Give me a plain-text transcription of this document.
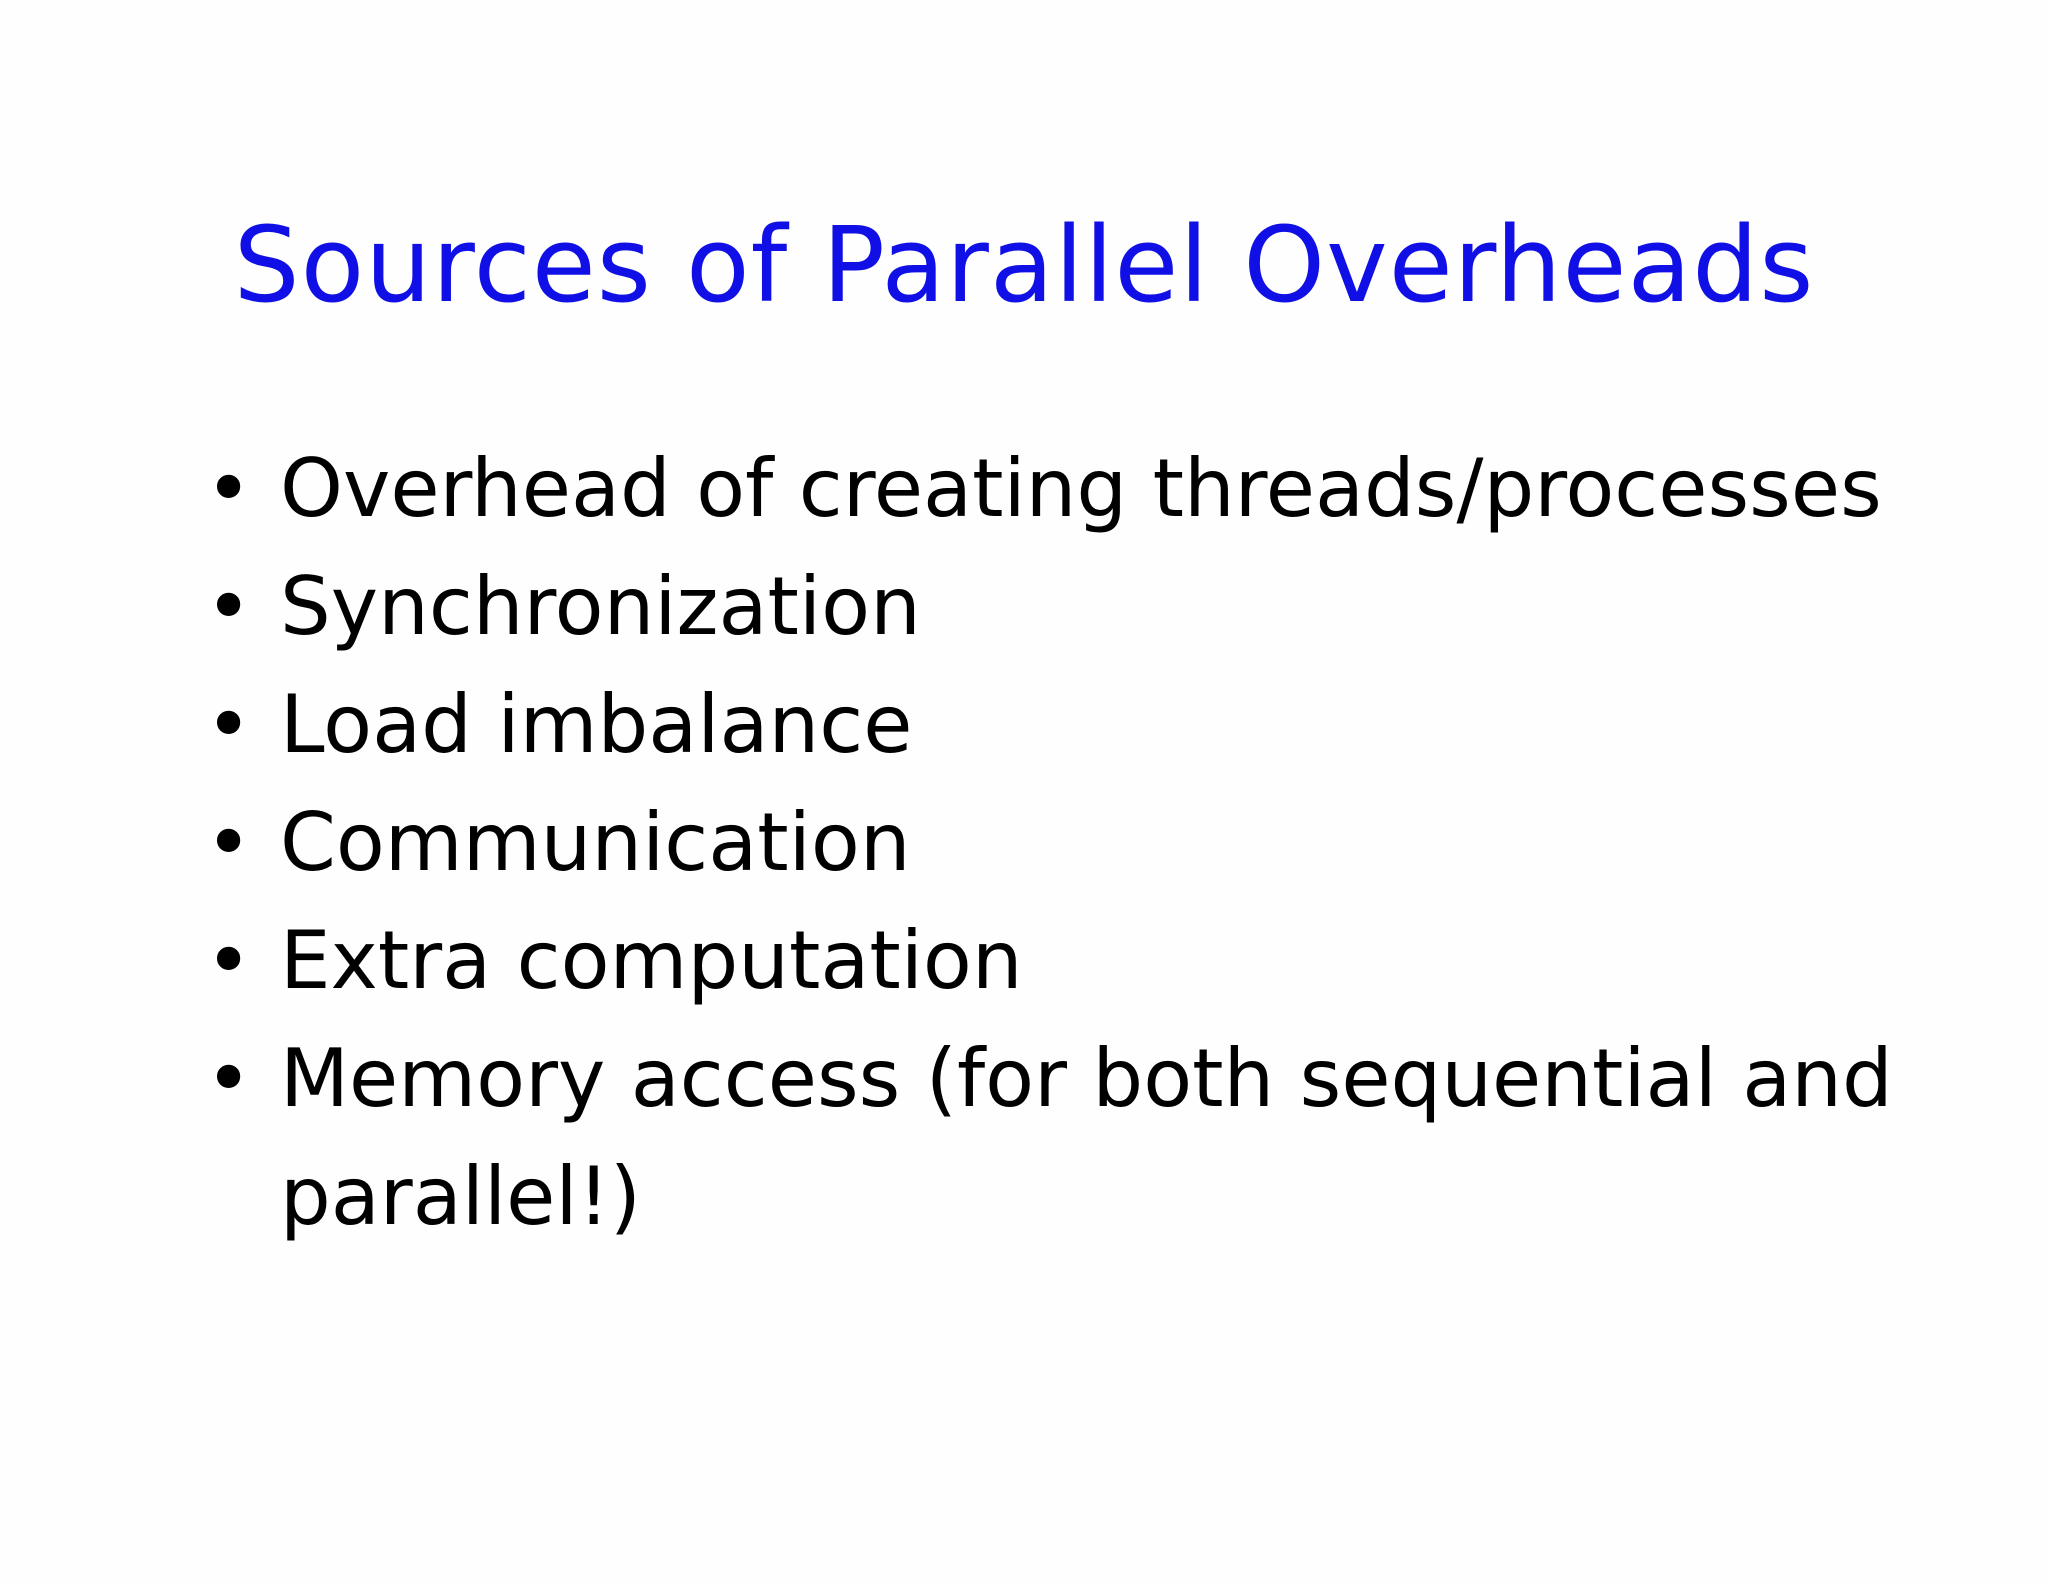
Sources of Parallel Overheads
• Overhead of creating threads/processes
• Synchronization
• Load imbalance
• Communication
• Extra computation
• Memory access (for both sequential and parallel!)
